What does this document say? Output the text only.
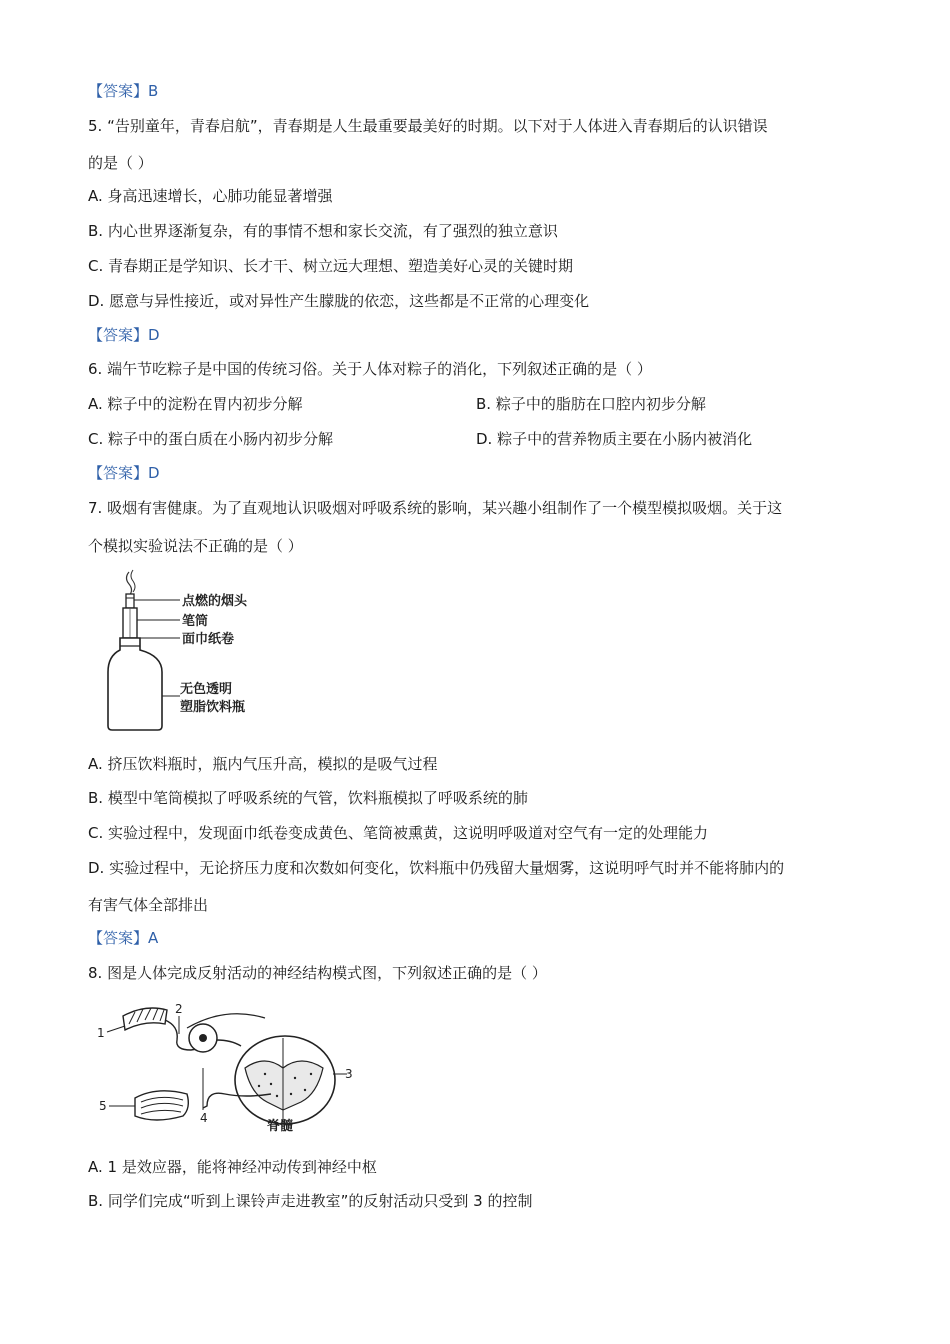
【答案】B
5. “告别童年，青春启航”，青春期是人生最重要最美好的时期。以下对于人体进入青春期后的认识错误
的是（ ）
A. 身高迅速增长，心肺功能显著增强
B. 内心世界逐渐复杂，有的事情不想和家长交流，有了强烈的独立意识
C. 青春期正是学知识、长才干、树立远大理想、塑造美好心灵的关键时期
D. 愿意与异性接近，或对异性产生朦胧的依恋，这些都是不正常的心理变化
【答案】D
6. 端午节吃粽子是中国的传统习俗。关于人体对粽子的消化，下列叙述正确的是（ ）
A. 粽子中的淀粉在胃内初步分解	B. 粽子中的脂肪在口腔内初步分解
C. 粽子中的蛋白质在小肠内初步分解	D. 粽子中的营养物质主要在小肠内被消化
【答案】D
7. 吸烟有害健康。为了直观地认识吸烟对呼吸系统的影响，某兴趣小组制作了一个模型模拟吸烟。关于这
个模拟实验说法不正确的是（ ）
点燃的烟头
笔筒
面巾纸卷
无色透明
塑脂饮料瓶
A. 挤压饮料瓶时，瓶内气压升高，模拟的是吸气过程
B. 模型中笔筒模拟了呼吸系统的气管，饮料瓶模拟了呼吸系统的肺
C. 实验过程中，发现面巾纸卷变成黄色、笔筒被熏黄，这说明呼吸道对空气有一定的处理能力
D. 实验过程中，无论挤压力度和次数如何变化，饮料瓶中仍残留大量烟雾，这说明呼气时并不能将肺内的
有害气体全部排出
【答案】A
8. 图是人体完成反射活动的神经结构模式图，下列叙述正确的是（ ）
1
2
3
4
5
脊髓
A. 1 是效应器，能将神经冲动传到神经中枢
B. 同学们完成“听到上课铃声走进教室”的反射活动只受到 3 的控制
